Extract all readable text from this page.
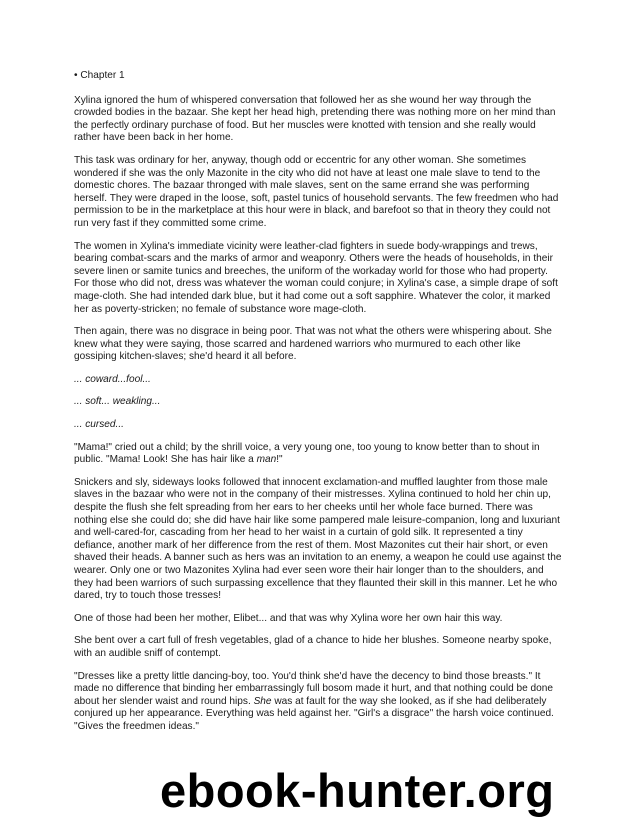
• Chapter 1

Xylina ignored the hum of whispered conversation that followed her as she wound her way through the crowded bodies in the bazaar. She kept her head high, pretending there was nothing more on her mind than the perfectly ordinary purchase of food. But her muscles were knotted with tension and she really would rather have been back in her home.

This task was ordinary for her, anyway, though odd or eccentric for any other woman. She sometimes wondered if she was the only Mazonite in the city who did not have at least one male slave to tend to the domestic chores. The bazaar thronged with male slaves, sent on the same errand she was performing herself. They were draped in the loose, soft, pastel tunics of household servants. The few freedmen who had permission to be in the marketplace at this hour were in black, and barefoot so that in theory they could not run very fast if they committed some crime.

The women in Xylina's immediate vicinity were leather-clad fighters in suede body-wrappings and trews, bearing combat-scars and the marks of armor and weaponry. Others were the heads of households, in their severe linen or samite tunics and breeches, the uniform of the workaday world for those who had property. For those who did not, dress was whatever the woman could conjure; in Xylina's case, a simple drape of soft mage-cloth. She had intended dark blue, but it had come out a soft sapphire. Whatever the color, it marked her as poverty-stricken; no female of substance wore mage-cloth.

Then again, there was no disgrace in being poor. That was not what the others were whispering about. She knew what they were saying, those scarred and hardened warriors who murmured to each other like gossiping kitchen-slaves; she'd heard it all before.

... coward...fool...

... soft... weakling...

... cursed...

"Mama!" cried out a child; by the shrill voice, a very young one, too young to know better than to shout in public. "Mama! Look! She has hair like a man!"

Snickers and sly, sideways looks followed that innocent exclamation-and muffled laughter from those male slaves in the bazaar who were not in the company of their mistresses. Xylina continued to hold her chin up, despite the flush she felt spreading from her ears to her cheeks until her whole face burned. There was nothing else she could do; she did have hair like some pampered male leisure-companion, long and luxuriant and well-cared-for, cascading from her head to her waist in a curtain of gold silk. It represented a tiny defiance, another mark of her difference from the rest of them. Most Mazonites cut their hair short, or even shaved their heads. A banner such as hers was an invitation to an enemy, a weapon he could use against the wearer. Only one or two Mazonites Xylina had ever seen wore their hair longer than to the shoulders, and they had been warriors of such surpassing excellence that they flaunted their skill in this manner. Let he who dared, try to touch those tresses!

One of those had been her mother, Elibet... and that was why Xylina wore her own hair this way.

She bent over a cart full of fresh vegetables, glad of a chance to hide her blushes. Someone nearby spoke, with an audible sniff of contempt.

"Dresses like a pretty little dancing-boy, too. You'd think she'd have the decency to bind those breasts." It made no difference that binding her embarrassingly full bosom made it hurt, and that nothing could be done about her slender waist and round hips. She was at fault for the way she looked, as if she had deliberately conjured up her appearance. Everything was held against her. "Girl's a disgrace" the harsh voice continued. "Gives the freedmen ideas."

ebook-hunter.org
